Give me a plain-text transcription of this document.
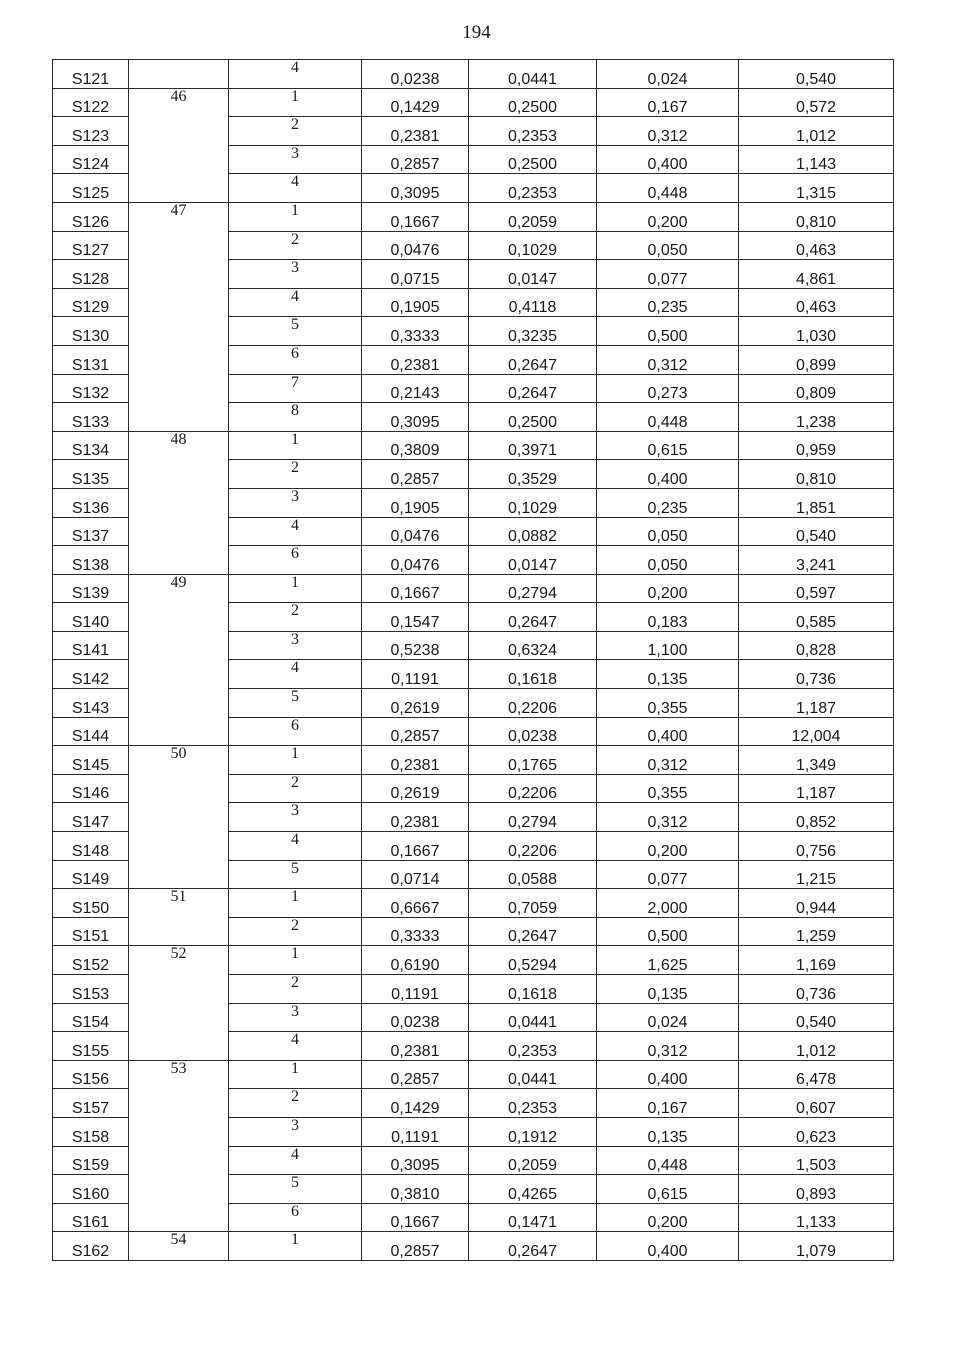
194
S121		4	0,0238	0,0441	0,024	0,540
S122	46	1	0,1429	0,2500	0,167	0,572
S123		2	0,2381	0,2353	0,312	1,012
S124		3	0,2857	0,2500	0,400	1,143
S125		4	0,3095	0,2353	0,448	1,315
S126	47	1	0,1667	0,2059	0,200	0,810
S127		2	0,0476	0,1029	0,050	0,463
S128		3	0,0715	0,0147	0,077	4,861
S129		4	0,1905	0,4118	0,235	0,463
S130		5	0,3333	0,3235	0,500	1,030
S131		6	0,2381	0,2647	0,312	0,899
S132		7	0,2143	0,2647	0,273	0,809
S133		8	0,3095	0,2500	0,448	1,238
S134	48	1	0,3809	0,3971	0,615	0,959
S135		2	0,2857	0,3529	0,400	0,810
S136		3	0,1905	0,1029	0,235	1,851
S137		4	0,0476	0,0882	0,050	0,540
S138		6	0,0476	0,0147	0,050	3,241
S139	49	1	0,1667	0,2794	0,200	0,597
S140		2	0,1547	0,2647	0,183	0,585
S141		3	0,5238	0,6324	1,100	0,828
S142		4	0,1191	0,1618	0,135	0,736
S143		5	0,2619	0,2206	0,355	1,187
S144		6	0,2857	0,0238	0,400	12,004
S145	50	1	0,2381	0,1765	0,312	1,349
S146		2	0,2619	0,2206	0,355	1,187
S147		3	0,2381	0,2794	0,312	0,852
S148		4	0,1667	0,2206	0,200	0,756
S149		5	0,0714	0,0588	0,077	1,215
S150	51	1	0,6667	0,7059	2,000	0,944
S151		2	0,3333	0,2647	0,500	1,259
S152	52	1	0,6190	0,5294	1,625	1,169
S153		2	0,1191	0,1618	0,135	0,736
S154		3	0,0238	0,0441	0,024	0,540
S155		4	0,2381	0,2353	0,312	1,012
S156	53	1	0,2857	0,0441	0,400	6,478
S157		2	0,1429	0,2353	0,167	0,607
S158		3	0,1191	0,1912	0,135	0,623
S159		4	0,3095	0,2059	0,448	1,503
S160		5	0,3810	0,4265	0,615	0,893
S161		6	0,1667	0,1471	0,200	1,133
S162	54	1	0,2857	0,2647	0,400	1,079
